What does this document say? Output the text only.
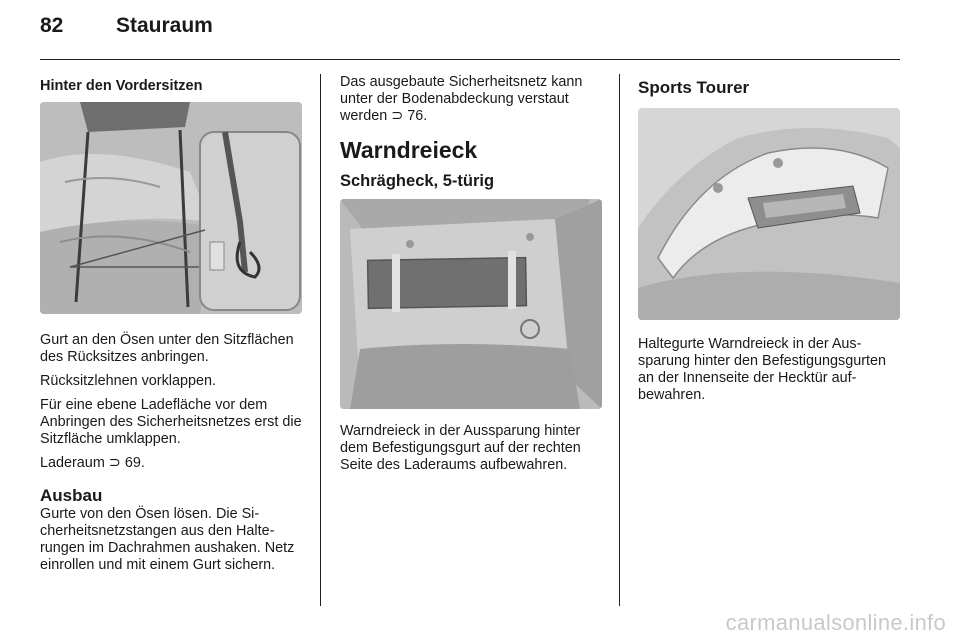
82	Stauraum
Hinter den Vordersitzen

Gurt an den Ösen unter den Sitzflächen des Rücksitzes anbringen.

Rücksitzlehnen vorklappen.

Für eine ebene Ladefläche vor dem Anbringen des Sicherheitsnetzes erst die Sitzfläche umklappen.

Laderaum ⊃ 69.

Ausbau

Gurte von den Ösen lösen. Die Sicherheitsnetzstangen aus den Halterungen im Dachrahmen aushaken. Netz einrollen und mit einem Gurt sichern.

Das ausgebaute Sicherheitsnetz kann unter der Bodenabdeckung verstaut werden ⊃ 76.

Warndreieck
Schrägheck, 5-türig

Warndreieck in der Aussparung hinter dem Befestigungsgurt auf der rechten Seite des Laderaums aufbewahren.

Sports Tourer

Haltegurte Warndreieck in der Aussparung hinter den Befestigungsgurten an der Innenseite der Hecktür aufbewahren.

carmanualsonline.info
